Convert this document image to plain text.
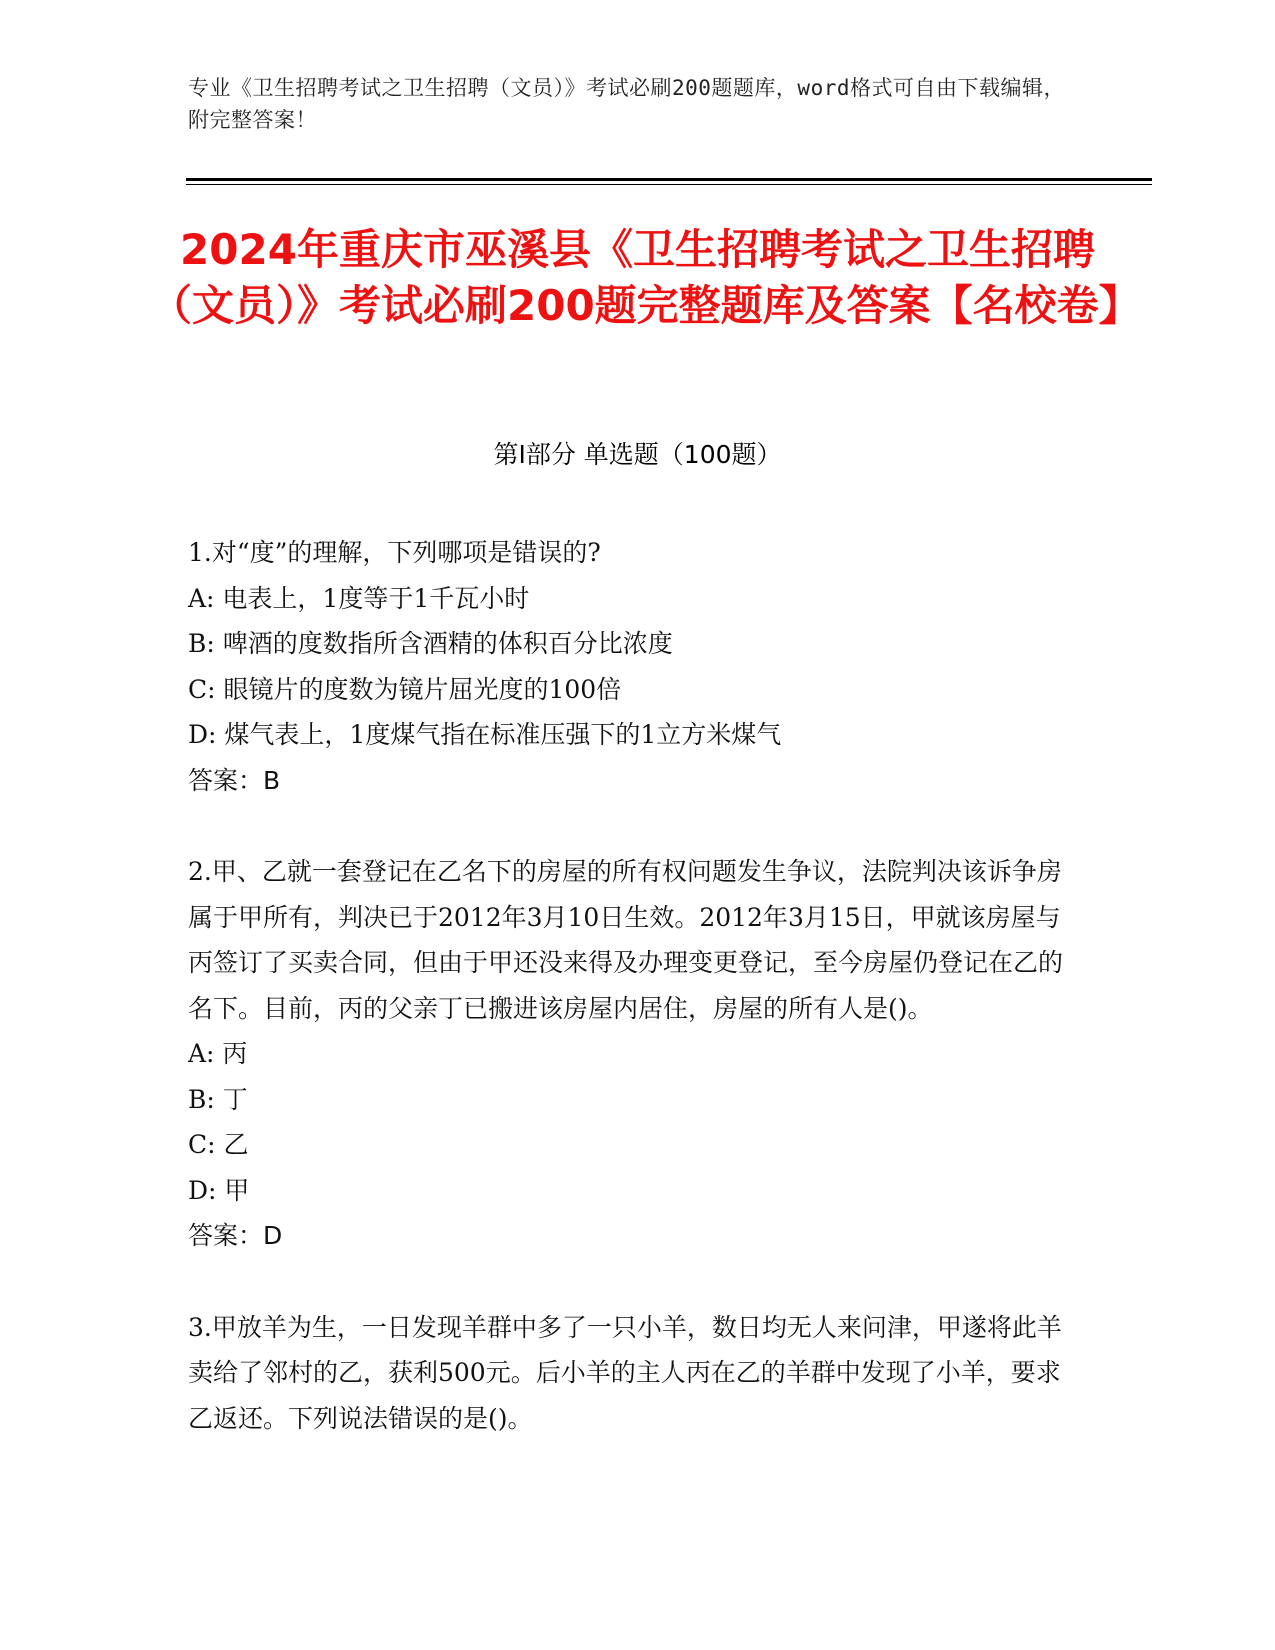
专业《卫生招聘考试之卫生招聘（文员）》考试必刷200题题库，word格式可自由下载编辑，附完整答案！
2024年重庆市巫溪县《卫生招聘考试之卫生招聘（文员）》考试必刷200题完整题库及答案【名校卷】
第Ⅰ部分 单选题（100题）

1.对“度”的理解，下列哪项是错误的?

A: 电表上，1度等于1千瓦小时
B: 啤酒的度数指所含酒精的体积百分比浓度
C: 眼镜片的度数为镜片屈光度的100倍
D: 煤气表上，1度煤气指在标准压强下的1立方米煤气
答案：B

2.甲、乙就一套登记在乙名下的房屋的所有权问题发生争议，法院判决该诉争房属于甲所有，判决已于2012年3月10日生效。2012年3月15日，甲就该房屋与丙签订了买卖合同，但由于甲还没来得及办理变更登记，至今房屋仍登记在乙的名下。目前，丙的父亲丁已搬进该房屋内居住，房屋的所有人是()。

A: 丙
B: 丁
C: 乙
D: 甲
答案：D

3.甲放羊为生，一日发现羊群中多了一只小羊，数日均无人来问津，甲遂将此羊卖给了邻村的乙，获利500元。后小羊的主人丙在乙的羊群中发现了小羊，要求乙返还。下列说法错误的是()。
